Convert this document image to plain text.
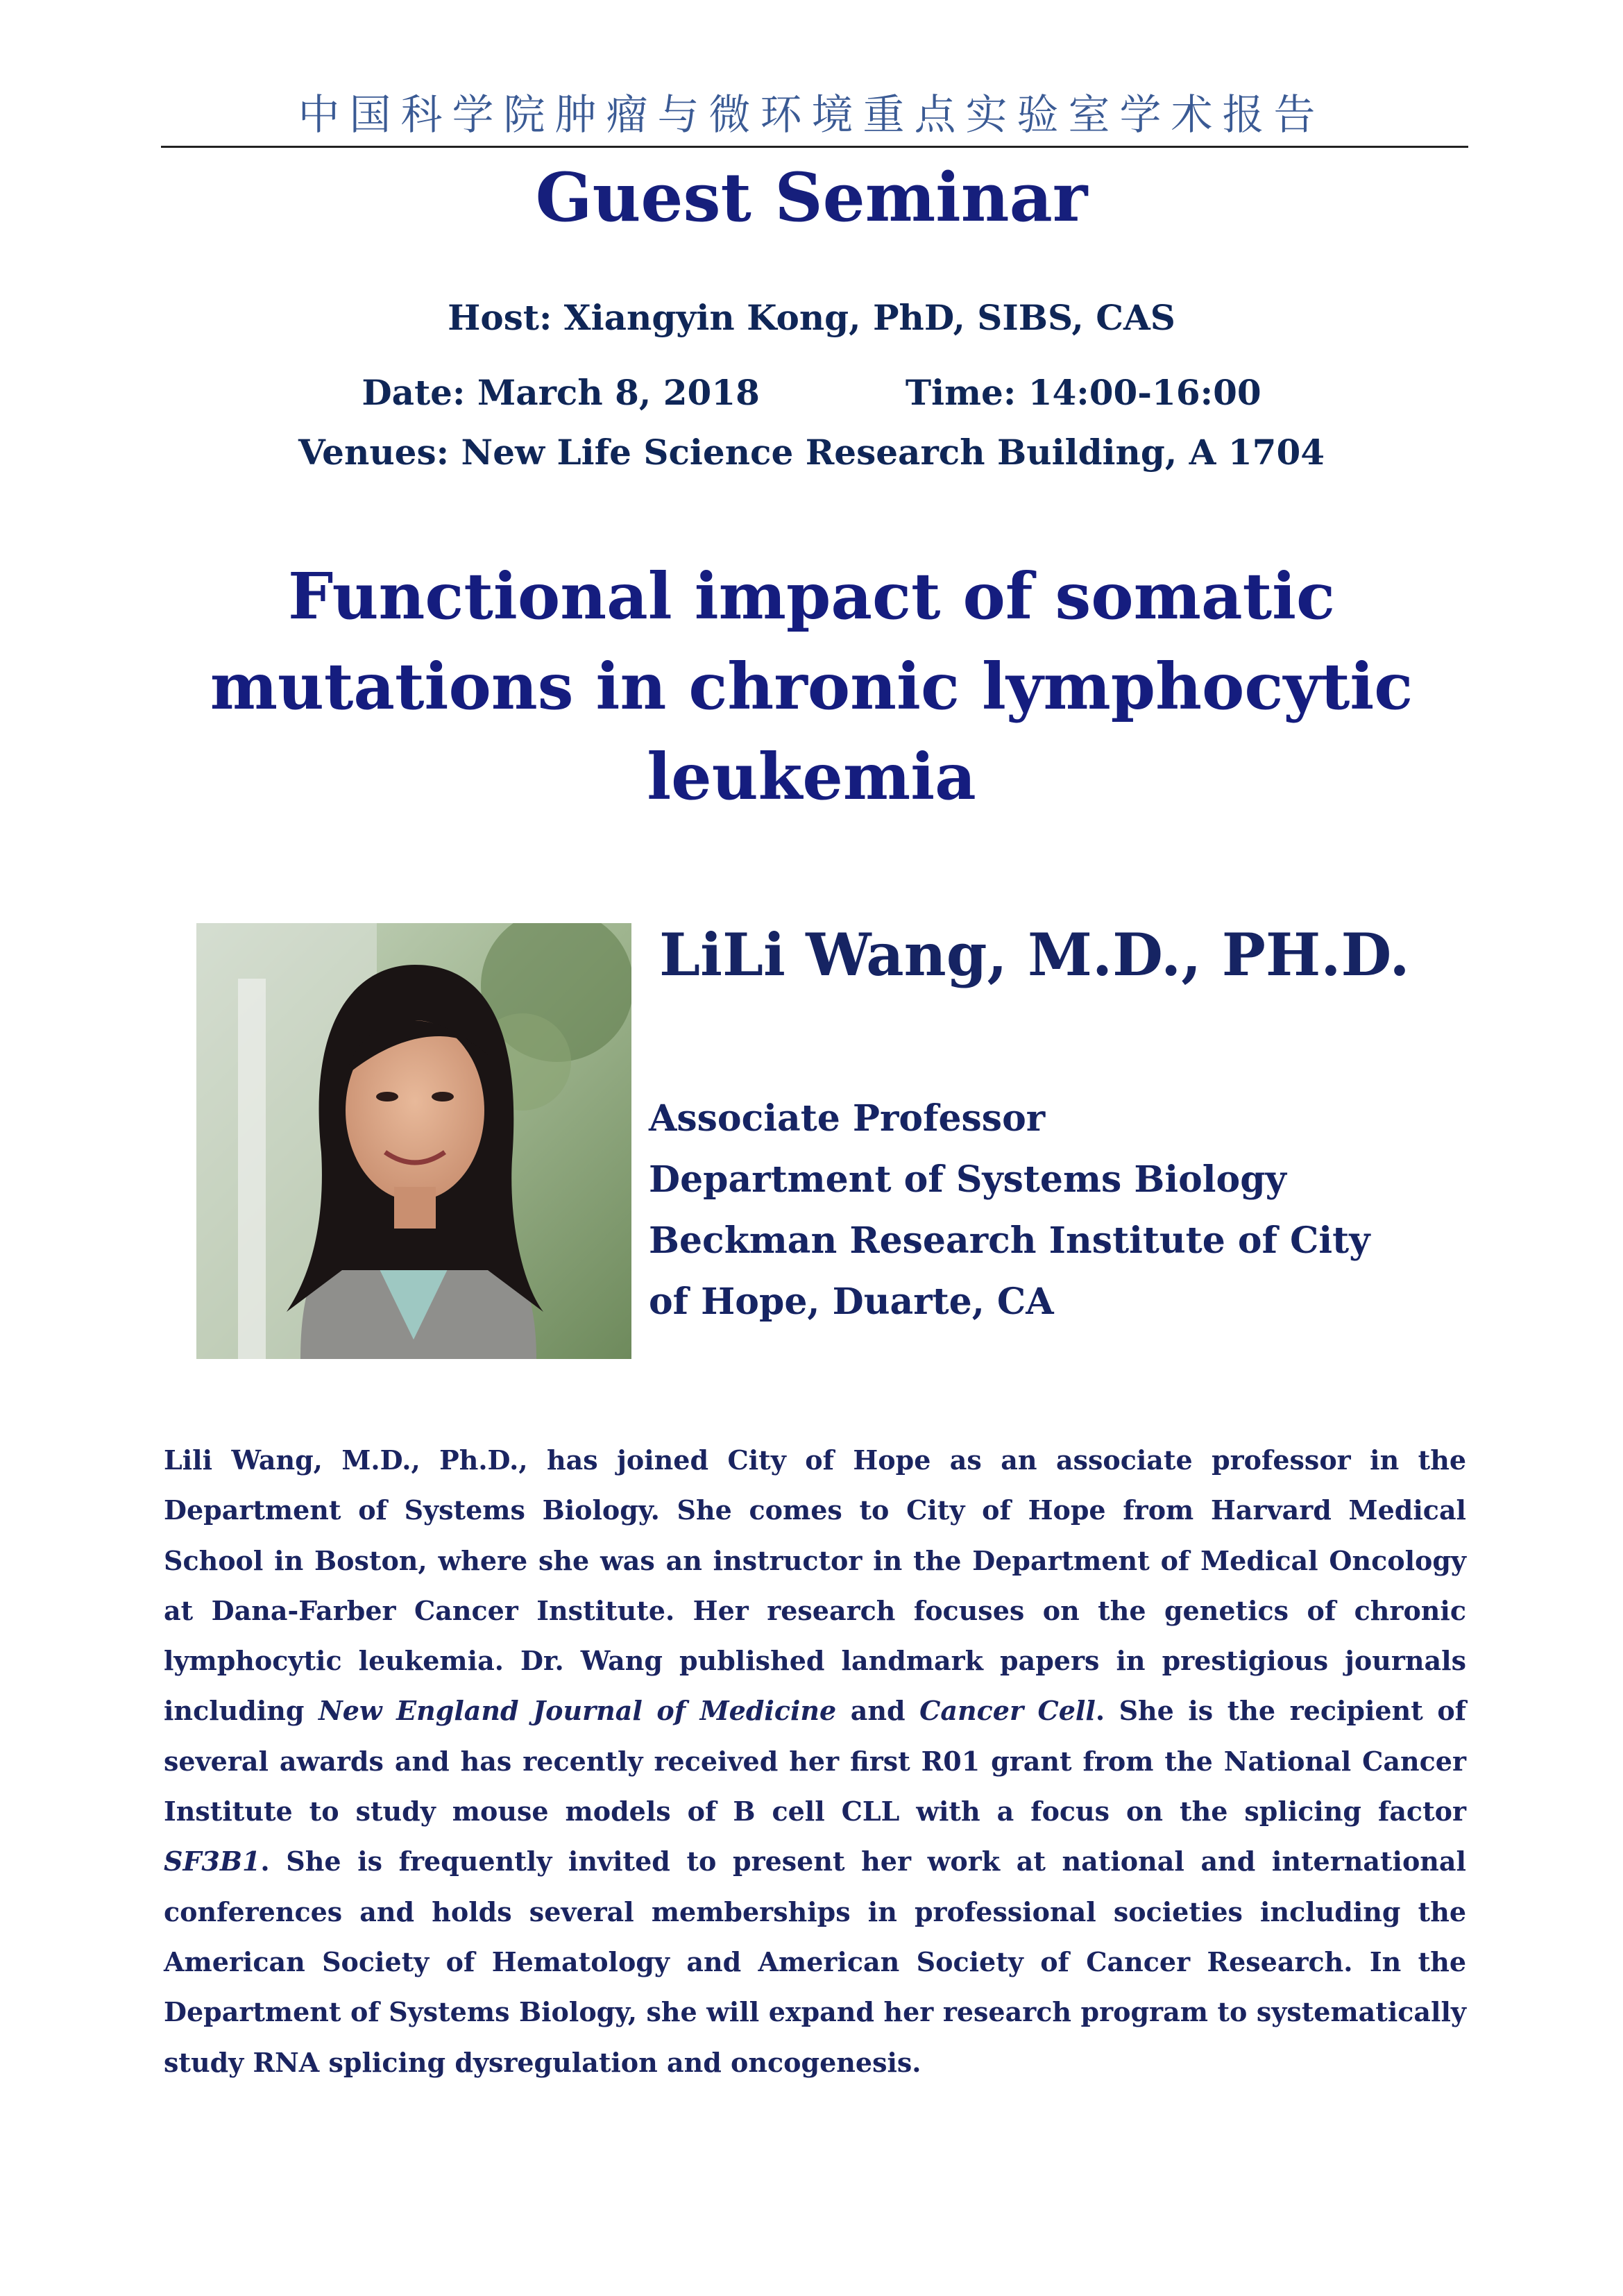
中国科学院肿瘤与微环境重点实验室学术报告
Guest Seminar
Host: Xiangyin Kong, PhD, SIBS, CAS
Date: March 8, 2018	Time: 14:00-16:00
Venues: New Life Science Research Building, A 1704
Functional impact of somatic
mutations in chronic lymphocytic
leukemia
LiLi Wang, M.D., PH.D.
Associate Professor
Department of Systems Biology
Beckman Research Institute of City
of Hope, Duarte, CA
Lili Wang, M.D., Ph.D., has joined City of Hope as an associate professor in the Department of Systems Biology. She comes to City of Hope from Harvard Medical School in Boston, where she was an instructor in the Department of Medical Oncology at Dana-Farber Cancer Institute. Her research focuses on the genetics of chronic lymphocytic leukemia. Dr. Wang published landmark papers in prestigious journals including New England Journal of Medicine and Cancer Cell. She is the recipient of several awards and has recently received her first R01 grant from the National Cancer Institute to study mouse models of B cell CLL with a focus on the splicing factor SF3B1. She is frequently invited to present her work at national and international conferences and holds several memberships in professional societies including the American Society of Hematology and American Society of Cancer Research. In the Department of Systems Biology, she will expand her research program to systematically study RNA splicing dysregulation and oncogenesis.
